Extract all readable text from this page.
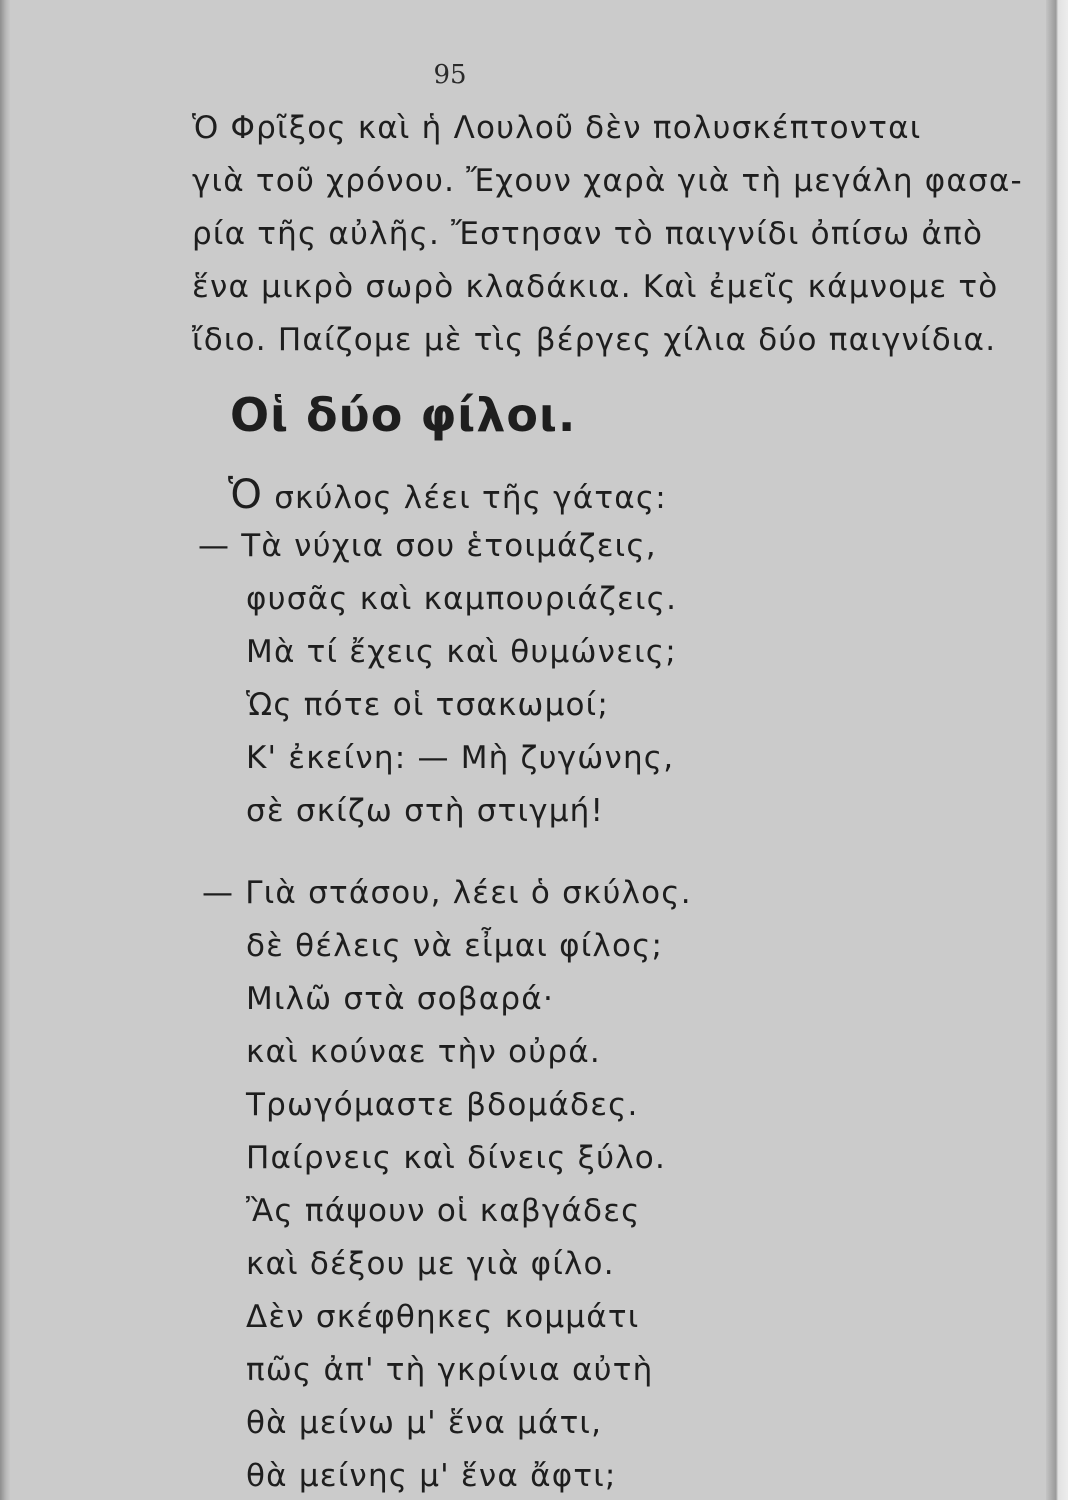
95
Ὁ Φρῖξος καὶ ἡ Λουλοῦ δὲν πολυσκέπτονται
γιὰ τοῦ χρόνου. Ἔχουν χαρὰ γιὰ τὴ μεγάλη φασα-
ρία τῆς αὐλῆς. Ἔστησαν τὸ παιγνίδι ὀπίσω ἀπὸ
ἕνα μικρὸ σωρὸ κλαδάκια. Καὶ ἐμεῖς κάμνομε τὸ
ἴδιο. Παίζομε μὲ τὶς βέργες χίλια δύο παιγνίδια.
Οἱ δύο φίλοι.
Ὁ σκύλος λέει τῆς γάτας:
— Τὰ νύχια σου ἑτοιμάζεις,
φυσᾶς καὶ καμπουριάζεις.
Μὰ τί ἔχεις καὶ θυμώνεις;
Ὡς πότε οἱ τσακωμοί;
Κ' ἐκείνη: — Μὴ ζυγώνης,
σὲ σκίζω στὴ στιγμή!
— Γιὰ στάσου, λέει ὁ σκύλος.
δὲ θέλεις νὰ εἶμαι φίλος;
Μιλῶ στὰ σοβαρά·
καὶ κούναε τὴν οὐρά.
Τρωγόμαστε βδομάδες.
Παίρνεις καὶ δίνεις ξύλο.
Ἂς πάψουν οἱ καβγάδες
καὶ δέξου με γιὰ φίλο.
Δὲν σκέφθηκες κομμάτι
πῶς ἀπ' τὴ γκρίνια αὐτὴ
θὰ μείνω μ' ἕνα μάτι,
θὰ μείνης μ' ἕνα ἄφτι;
